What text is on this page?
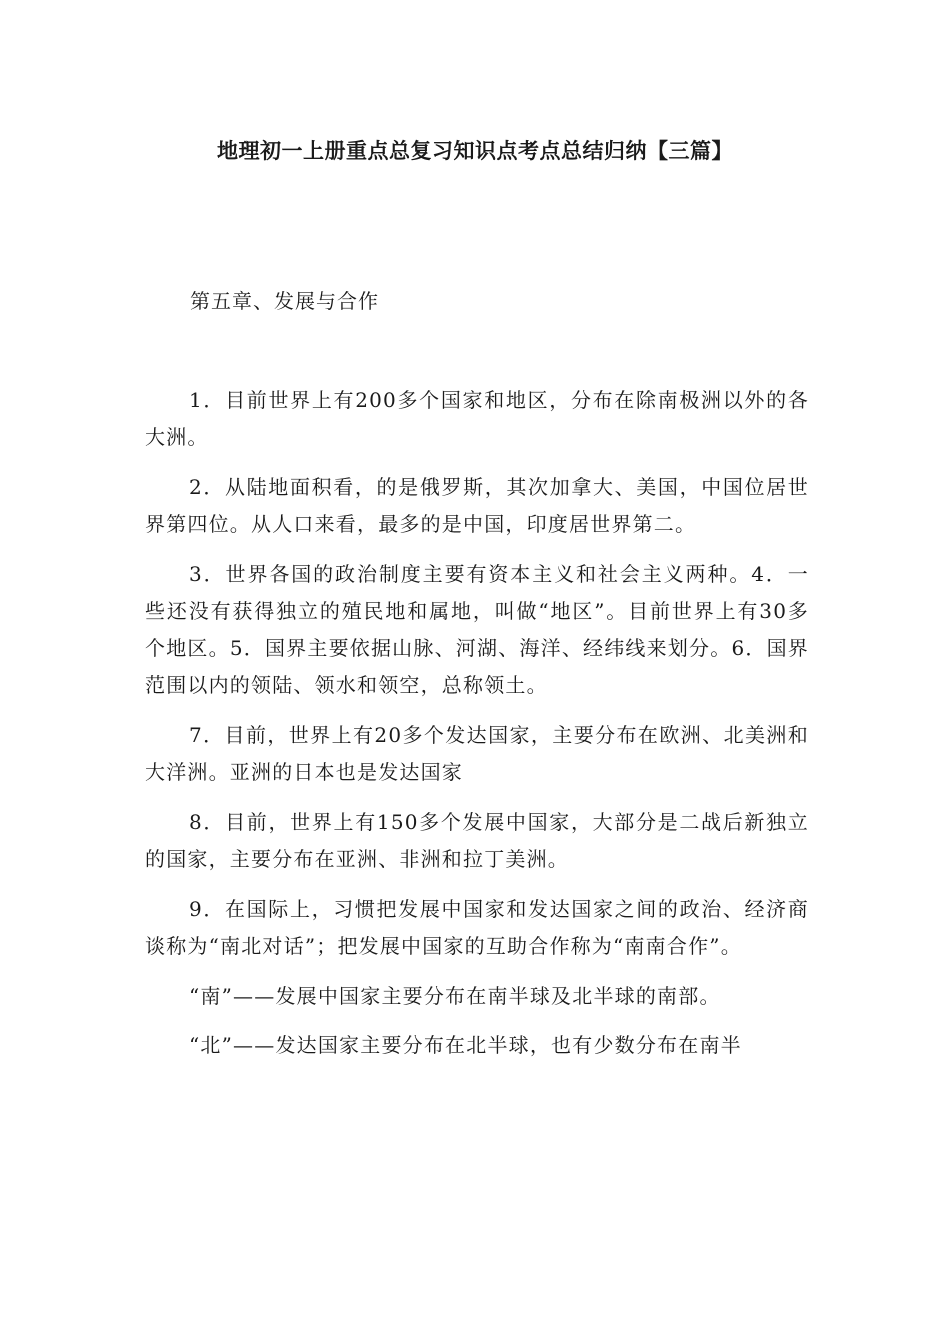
地理初一上册重点总复习知识点考点总结归纳【三篇】
第五章、发展与合作

1．目前世界上有200多个国家和地区，分布在除南极洲以外的各大洲。

2．从陆地面积看，的是俄罗斯，其次加拿大、美国，中国位居世界第四位。从人口来看，最多的是中国，印度居世界第二。

3．世界各国的政治制度主要有资本主义和社会主义两种。4．一些还没有获得独立的殖民地和属地，叫做“地区”。目前世界上有30多个地区。5．国界主要依据山脉、河湖、海洋、经纬线来划分。6．国界范围以内的领陆、领水和领空，总称领土。

7．目前，世界上有20多个发达国家，主要分布在欧洲、北美洲和大洋洲。亚洲的日本也是发达国家

8．目前，世界上有150多个发展中国家，大部分是二战后新独立的国家，主要分布在亚洲、非洲和拉丁美洲。

9．在国际上，习惯把发展中国家和发达国家之间的政治、经济商谈称为“南北对话”；把发展中国家的互助合作称为“南南合作”。

“南”——发展中国家主要分布在南半球及北半球的南部。

“北”——发达国家主要分布在北半球，也有少数分布在南半
